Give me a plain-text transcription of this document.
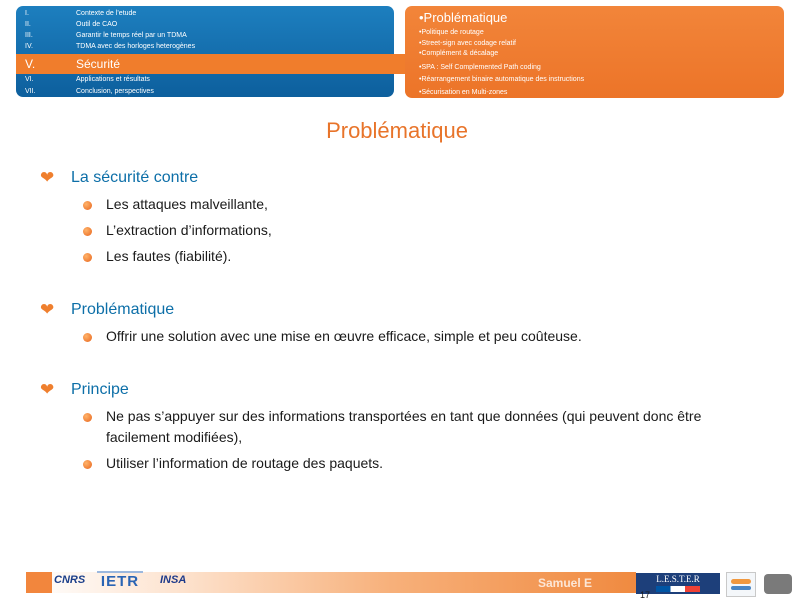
I.	Contexte de l’etude
II.	Outil de CAO
III.	Garantir le temps réel par un TDMA
IV.	TDMA avec des horloges heterogènes
V.	Sécurité
VI.	Applications et résultats
VII.	Conclusion, perspectives
•Problématique
•Politique de routage
•Street-sign avec codage relatif
•Complément & décalage
•SPA : Self Complemented Path coding
•Réarrangement binaire automatique des instructions
•Sécurisation en Multi-zones
Problématique
❤ La sécurité contre
Les attaques malveillante,
L’extraction d’informations,
Les fautes (fiabilité).
❤ Problématique
Offrir une solution avec une mise en œuvre efficace, simple et peu coûteuse.
❤ Principe
Ne pas s’appuyer sur des informations transportées en tant que données (qui peuvent donc être facilement modifiées),
Utiliser l’information de routage des paquets.
CNRS IETR	INSA	Samuel E	L.E.S.T.E.R
17
